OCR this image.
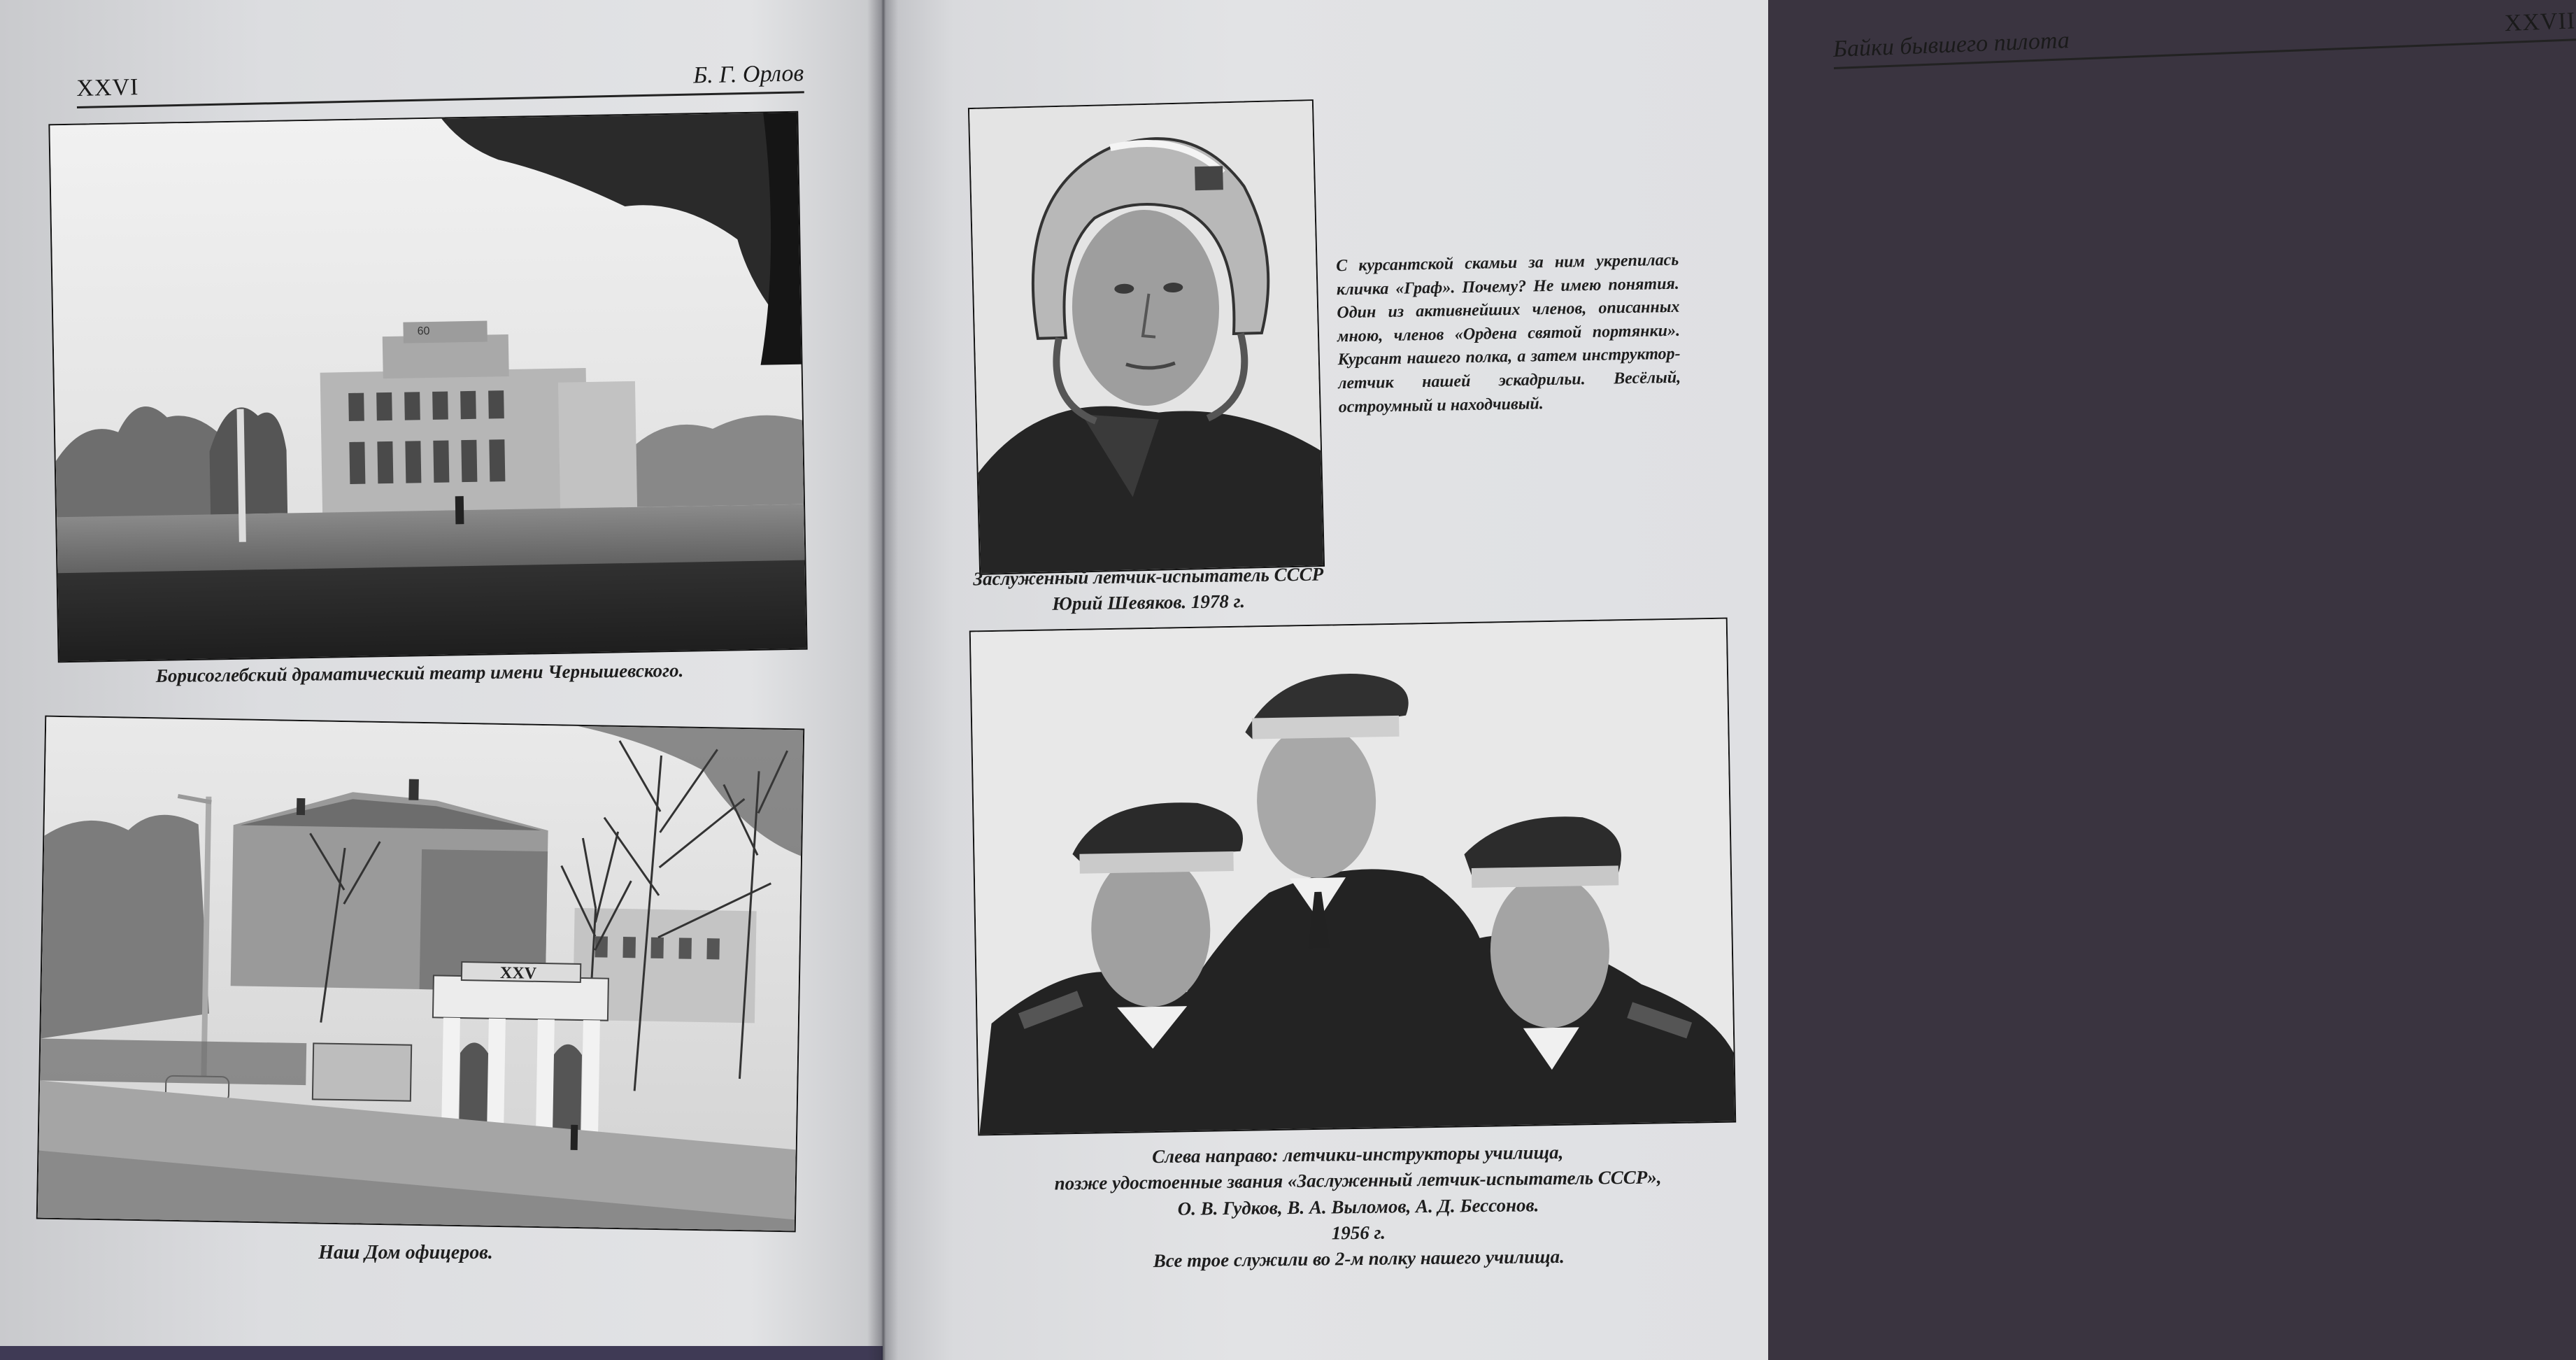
XXVI	Б. Г. Орлов
60
Борисоглебский драматический театр имени Чернышевского.
XXV
Наш Дом офицеров.
Байки бывшего пилота
XXVII
Заслуженный летчик-испытатель СССР
Юрий Шевяков. 1978 г.
С курсантской скамьи за ним укрепилась кличка «Граф». Почему? Не имею понятия. Один из активнейших членов, описанных мною, членов «Ордена святой портянки». Курсант нашего полка, а затем инструктор-летчик нашей эскадрильи. Весёлый, остроумный и находчивый.
Слева направо: летчики-инструкторы училища,
позже удостоенные звания «Заслуженный летчик-испытатель СССР»,
О. В. Гудков, В. А. Выломов, А. Д. Бессонов.
1956 г.
Все трое служили во 2-м полку нашего училища.
